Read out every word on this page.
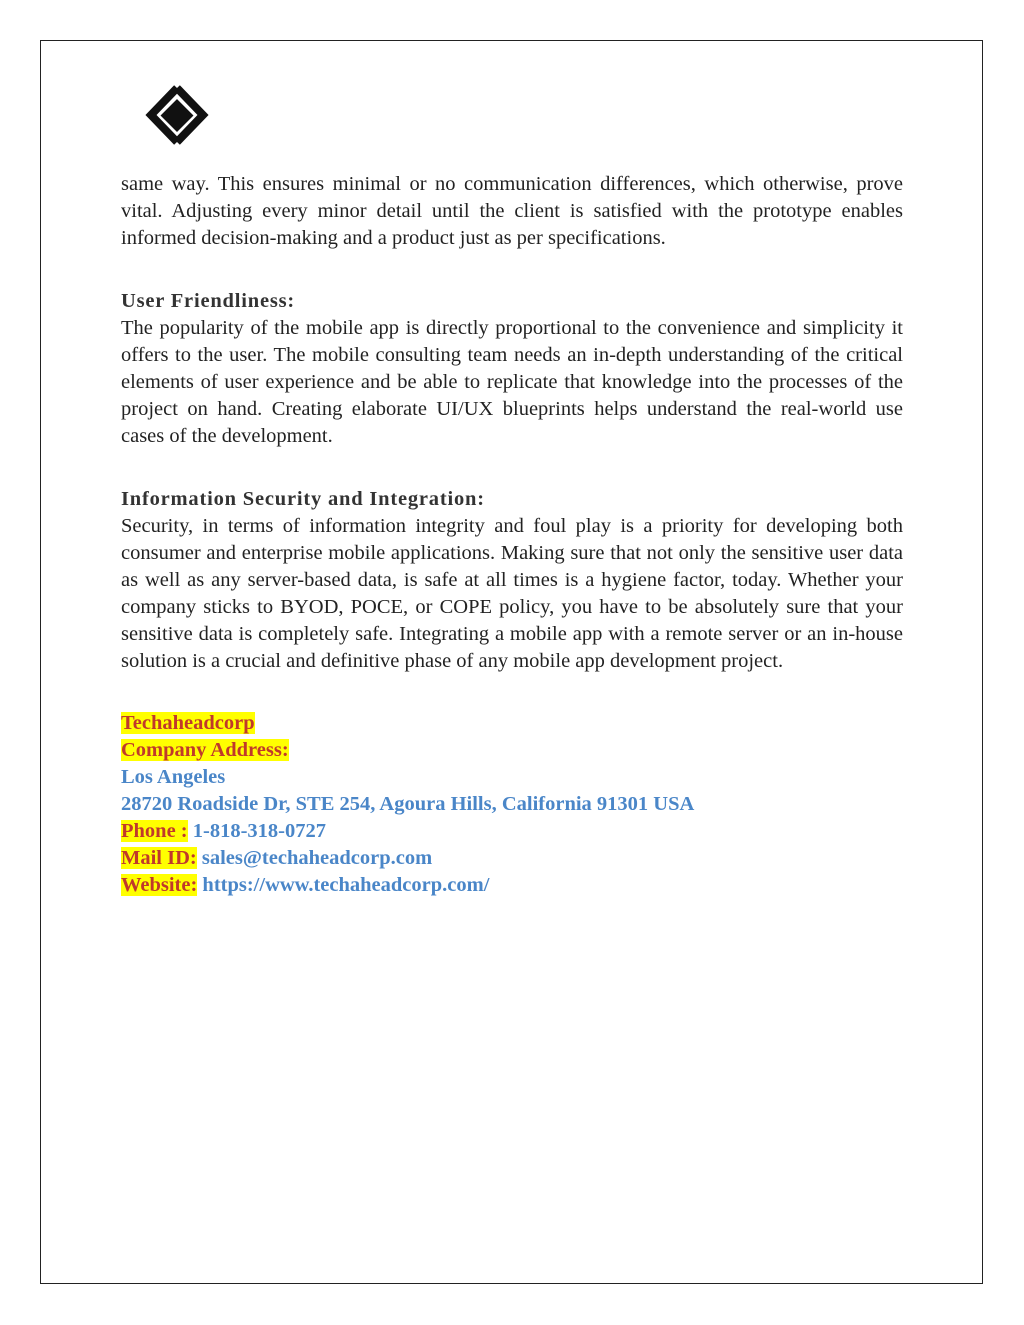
same way. This ensures minimal or no communication differences, which otherwise, prove vital. Adjusting every minor detail until the client is satisfied with the prototype enables informed decision-making and a product just as per specifications.

User Friendliness:

The popularity of the mobile app is directly proportional to the convenience and simplicity it offers to the user. The mobile consulting team needs an in-depth understanding of the critical elements of user experience and be able to replicate that knowledge into the processes of the project on hand. Creating elaborate UI/UX blueprints helps understand the real-world use cases of the development.

Information Security and Integration:

Security, in terms of information integrity and foul play is a priority for developing both consumer and enterprise mobile applications. Making sure that not only the sensitive user data as well as any server-based data, is safe at all times is a hygiene factor, today. Whether your company sticks to BYOD, POCE, or COPE policy, you have to be absolutely sure that your sensitive data is completely safe. Integrating a mobile app with a remote server or an in-house solution is a crucial and definitive phase of any mobile app development project.

Techaheadcorp
Company Address:
Los Angeles
28720 Roadside Dr, STE 254, Agoura Hills, California 91301 USA
Phone : 1-818-318-0727
Mail ID: sales@techaheadcorp.com
Website: https://www.techaheadcorp.com/
